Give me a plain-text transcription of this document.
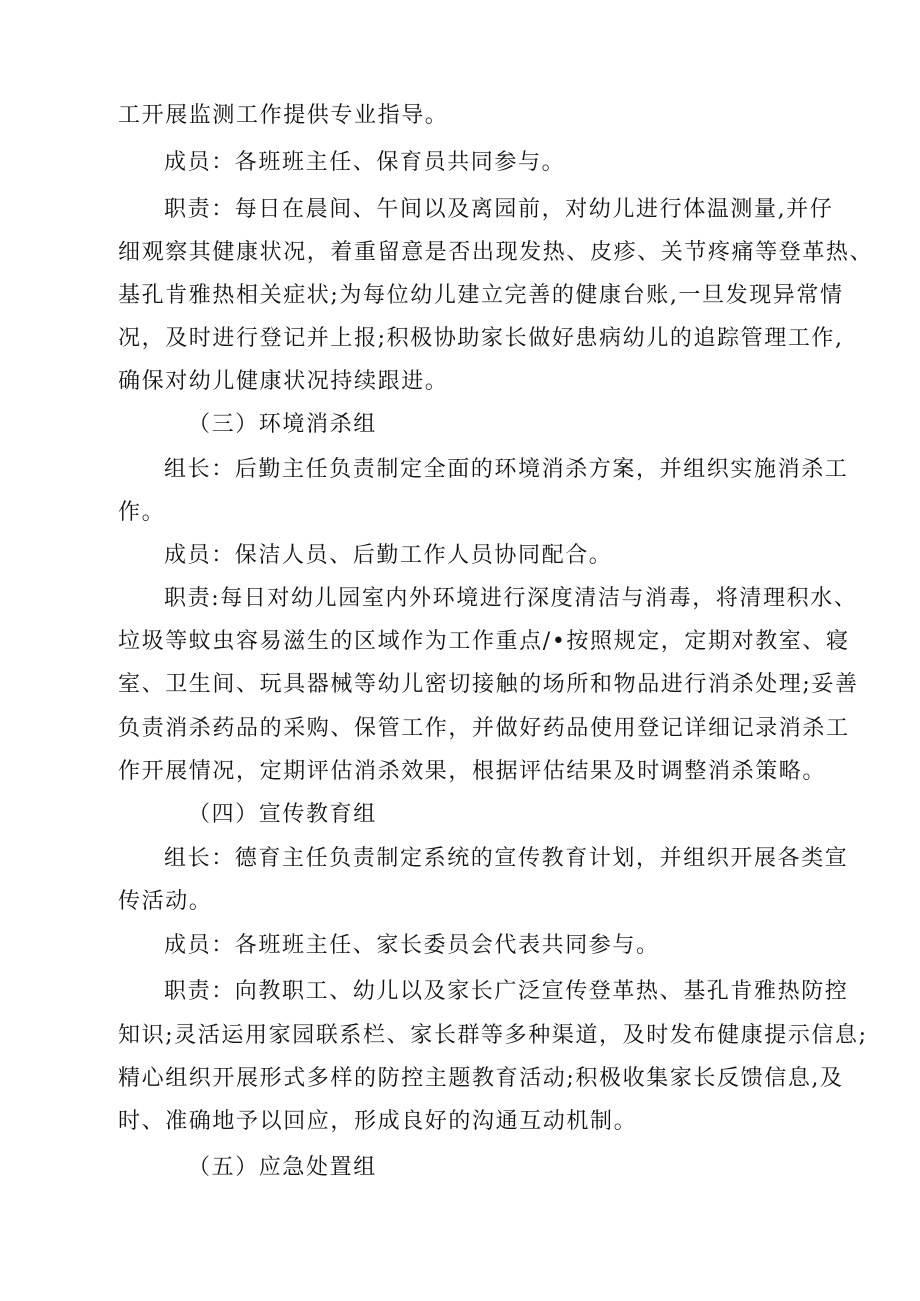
工开展监测工作提供专业指导。
成员：各班班主任、保育员共同参与。
职责：每日在晨间、午间以及离园前，对幼儿进行体温测量,并仔
细观察其健康状况，着重留意是否出现发热、皮疹、关节疼痛等登革热、
基孔肯雅热相关症状;为每位幼儿建立完善的健康台账,一旦发现异常情
况，及时进行登记并上报;积极协助家长做好患病幼儿的追踪管理工作,
确保对幼儿健康状况持续跟进。
（三）环境消杀组
组长：后勤主任负责制定全面的环境消杀方案，并组织实施消杀工
作。
成员：保洁人员、后勤工作人员协同配合。
职责:每日对幼儿园室内外环境进行深度清洁与消毒，将清理积水、
垃圾等蚊虫容易滋生的区域作为工作重点/•按照规定，定期对教室、寝
室、卫生间、玩具器械等幼儿密切接触的场所和物品进行消杀处理;妥善
负责消杀药品的采购、保管工作，并做好药品使用登记详细记录消杀工
作开展情况，定期评估消杀效果，根据评估结果及时调整消杀策略。
（四）宣传教育组
组长：德育主任负责制定系统的宣传教育计划，并组织开展各类宣
传活动。
成员：各班班主任、家长委员会代表共同参与。
职责：向教职工、幼儿以及家长广泛宣传登革热、基孔肯雅热防控
知识;灵活运用家园联系栏、家长群等多种渠道，及时发布健康提示信息;
精心组织开展形式多样的防控主题教育活动;积极收集家长反馈信息,及
时、准确地予以回应，形成良好的沟通互动机制。
（五）应急处置组
